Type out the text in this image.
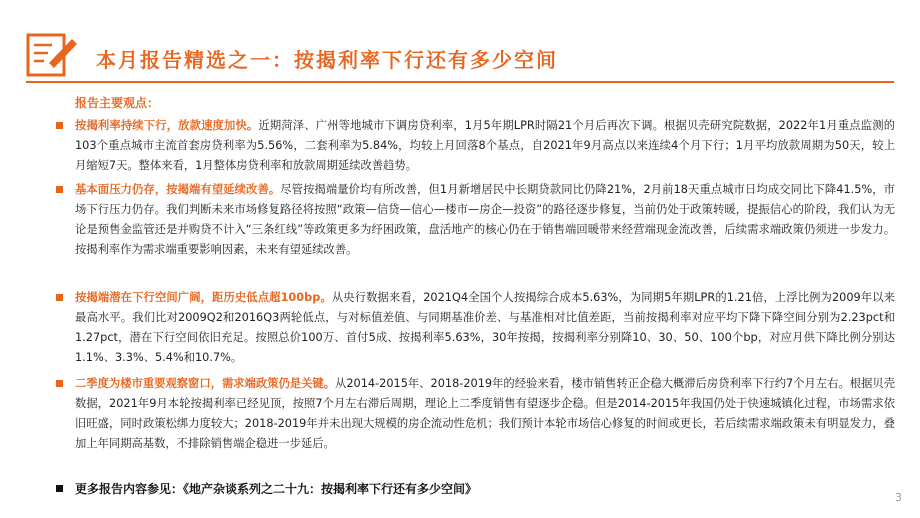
本月报告精选之一：按揭利率下行还有多少空间
报告主要观点：
按揭利率持续下行，放款速度加快。近期菏泽、广州等地城市下调房贷利率，1月5年期LPR时隔21个月后再次下调。根据贝壳研究院数据，2022年1月重点监测的103个重点城市主流首套房贷利率为5.56%，二套利率为5.84%，均较上月回落8个基点，自2021年9月高点以来连续4个月下行；1月平均放款周期为50天，较上月缩短7天。整体来看，1月整体房贷利率和放款周期延续改善趋势。
基本面压力仍存，按揭端有望延续改善。尽管按揭端量价均有所改善，但1月新增居民中长期贷款同比仍降21%，2月前18天重点城市日均成交同比下降41.5%，市场下行压力仍存。我们判断未来市场修复路径将按照“政策—信贷—信心—楼市—房企—投资”的路径逐步修复，当前仍处于政策转暖，提振信心的阶段，我们认为无论是预售金监管还是并购贷不计入“三条红线”等政策更多为纾困政策，盘活地产的核心仍在于销售端回暖带来经营端现金流改善，后续需求端政策仍须进一步发力。按揭利率作为需求端重要影响因素，未来有望延续改善。
按揭端潜在下行空间广阔，距历史低点超100bp。从央行数据来看，2021Q4全国个人按揭综合成本5.63%，为同期5年期LPR的1.21倍，上浮比例为2009年以来最高水平。我们比对2009Q2和2016Q3两轮低点，与对标值差值、与同期基准价差、与基准相对比值差距，当前按揭利率对应平均下降下降空间分别为2.23pct和1.27pct，潜在下行空间依旧充足。按照总价100万、首付5成、按揭利率5.63%，30年按揭，按揭利率分别降10、30、50、100个bp，对应月供下降比例分别达1.1%、3.3%、5.4%和10.7%。
二季度为楼市重要观察窗口，需求端政策仍是关键。从2014-2015年、2018-2019年的经验来看，楼市销售转正企稳大概滞后房贷利率下行约7个月左右。根据贝壳数据，2021年9月本轮按揭利率已经见顶，按照7个月左右滞后周期，理论上二季度销售有望逐步企稳。但是2014-2015年我国仍处于快速城镇化过程，市场需求依旧旺盛，同时政策松绑力度较大；2018-2019年并未出现大规模的房企流动性危机；我们预计本轮市场信心修复的时间或更长，若后续需求端政策未有明显发力，叠加上年同期高基数，不排除销售端企稳进一步延后。
更多报告内容参见：《地产杂谈系列之二十九：按揭利率下行还有多少空间》
3
